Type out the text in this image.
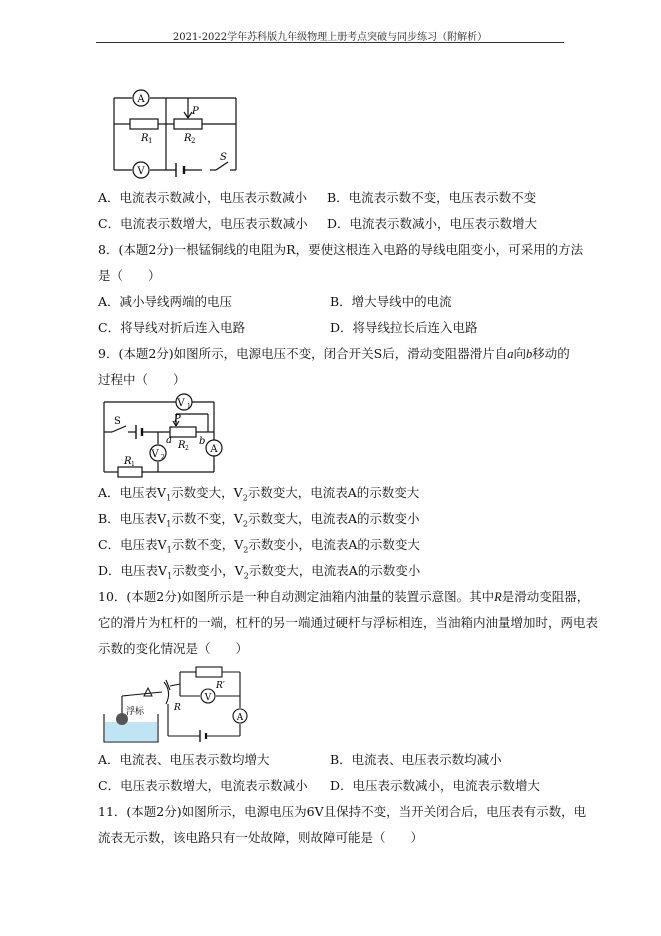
2021-2022学年苏科版九年级物理上册考点突破与同步练习（附解析）
A
V
P
R 1	R 2
S
A．电流表示数减小，电压表示数减小 B．电流表示数不变，电压表示数不变
C．电流表示数增大，电压表示数减小 D．电流表示数减小，电压表示数增大
8．(本题2分)一根锰铜线的电阻为R，要使这根连入电路的导线电阻变小，可采用的方法
是（　　）
A．减小导线两端的电压	B．增大导线中的电流
C．将导线对折后连入电路	D．将导线拉长后连入电路
9．(本题2分)如图所示，电源电压不变，闭合开关S后，滑动变阻器滑片自a向b移动的
过程中（　　）
V 1
V 2
A
S	P
a	b
R 2
R 1
A．电压表$V_1$示数变大，$V_2$示数变大，电流表A的示数变大
B．电压表$V_1$示数不变，$V_2$示数变大，电流表A的示数变小
C．电压表$V_1$示数不变，$V_2$示数变小，电流表A的示数变大
D．电压表$V_1$示数变小，$V_2$示数变大，电流表A的示数变小
10．(本题2分)如图所示是一种自动测定油箱内油量的装置示意图。其中R是滑动变阻器，
它的滑片为杠杆的一端，杠杆的另一端通过硬杆与浮标相连，当油箱内油量增加时，两电表
示数的变化情况是（　　）
浮标	R
R′
V
A
A．电流表、电压表示数均增大	B．电流表、电压表示数均减小
C．电压表示数增大，电流表示数减小 D．电压表示数减小，电流表示数增大
11．(本题2分)如图所示，电源电压为6V且保持不变，当开关闭合后，电压表有示数，电
流表无示数，该电路只有一处故障，则故障可能是（　　）
